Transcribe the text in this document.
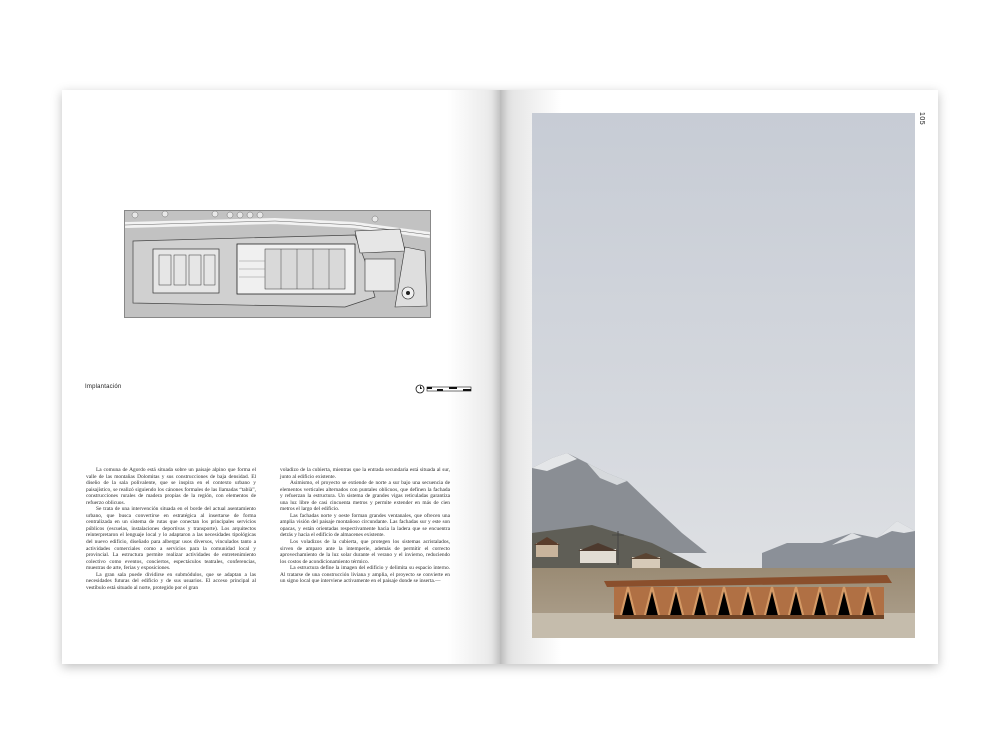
Implantación

La comuna de Agordo está situada sobre un paisaje alpino que forma el valle de las montañas Dolomitas y sus construcciones de baja densidad. El diseño de la sala polivalente, que se inspira en el contexto urbano y paisajístico, se realizó siguiendo los cánones formales de las llamadas “tabià”, construcciones rurales de madera propias de la región, con elementos de refuerzo oblicuos.

Se trata de una intervención situada en el borde del actual asentamiento urbano, que busca convertirse en estratégica al insertarse de forma centralizada en un sistema de rutas que conectan los principales servicios públicos (escuelas, instalaciones deportivas y transporte). Los arquitectos reinterpretaron el lenguaje local y lo adaptaron a las necesidades tipológicas del nuevo edificio, diseñado para albergar usos diversos, vinculados tanto a actividades comerciales como a servicios para la comunidad local y provincial. La estructura permite realizar actividades de entretenimiento colectivo como eventos, conciertos, espectáculos teatrales, conferencias, muestras de arte, ferias y exposiciones.

La gran sala puede dividirse en submódulos, que se adaptan a las necesidades futuras del edificio y de sus usuarios. El acceso principal al vestíbulo está situado al norte, protegido por el gran

voladizo de la cubierta, mientras que la entrada secundaria está situada al sur, junto al edificio existente.

Asimismo, el proyecto se extiende de norte a sur bajo una secuencia de elementos verticales alternados con puntales oblicuos, que definen la fachada y refuerzan la estructura. Un sistema de grandes vigas reticuladas garantiza una luz libre de casi cincuenta metros y permite extender en más de cien metros el largo del edificio.

Las fachadas norte y oeste forman grandes ventanales, que ofrecen una amplia visión del paisaje montañoso circundante. Las fachadas sur y este son opacas, y están orientadas respectivamente hacia la ladera que se encuentra detrás y hacia el edificio de almacenes existente.

Los voladizos de la cubierta, que protegen los sistemas acristalados, sirven de amparo ante la intemperie, además de permitir el correcto aprovechamiento de la luz solar durante el verano y el invierno, reduciendo los costos de acondicionamiento térmico.

La estructura define la imagen del edificio y delimita su espacio interno. Al tratarse de una construcción liviana y amplia, el proyecto se convierte en un signo local que interviene activamente en el paisaje donde se inserta.—

105
